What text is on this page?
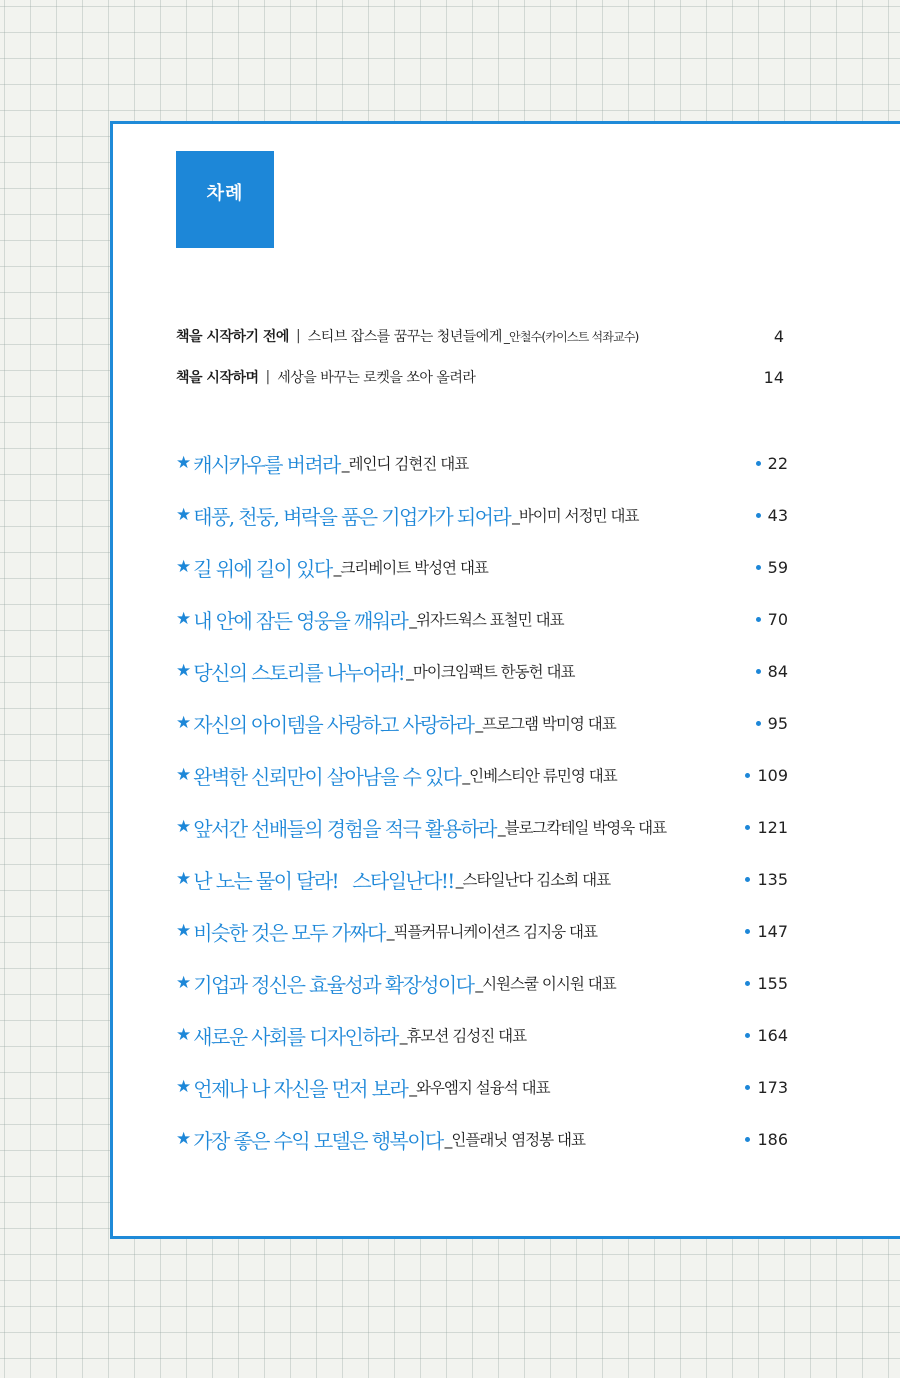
차례
책을 시작하기 전에 | 스티브 잡스를 꿈꾸는 청년들에게 _안철수(카이스트 석좌교수)	4
책을 시작하며 | 세상을 바꾸는 로켓을 쏘아 올려라	14
★ 캐시카우를 버려라 _레인디 김현진 대표	22
★ 태풍, 천둥, 벼락을 품은 기업가가 되어라 _바이미 서정민 대표	43
★ 길 위에 길이 있다 _크리베이트 박성연 대표	59
★ 내 안에 잠든 영웅을 깨워라 _위자드웍스 표철민 대표	70
★ 당신의 스토리를 나누어라! _마이크임팩트 한동헌 대표	84
★ 자신의 아이템을 사랑하고 사랑하라 _프로그램 박미영 대표	95
★ 완벽한 신뢰만이 살아남을 수 있다 _인베스티안 류민영 대표	109
★ 앞서간 선배들의 경험을 적극 활용하라 _블로그칵테일 박영욱 대표	121
★ 난 노는 물이 달라!   스타일난다!! _스타일난다 김소희 대표	135
★ 비슷한 것은 모두 가짜다 _픽플커뮤니케이션즈 김지웅 대표	147
★ 기업과 정신은 효율성과 확장성이다 _시원스쿨 이시원 대표	155
★ 새로운 사회를 디자인하라 _휴모션 김성진 대표	164
★ 언제나 나 자신을 먼저 보라 _와우엠지 설융석 대표	173
★ 가장 좋은 수익 모델은 행복이다 _인플래닛 염정봉 대표	186
